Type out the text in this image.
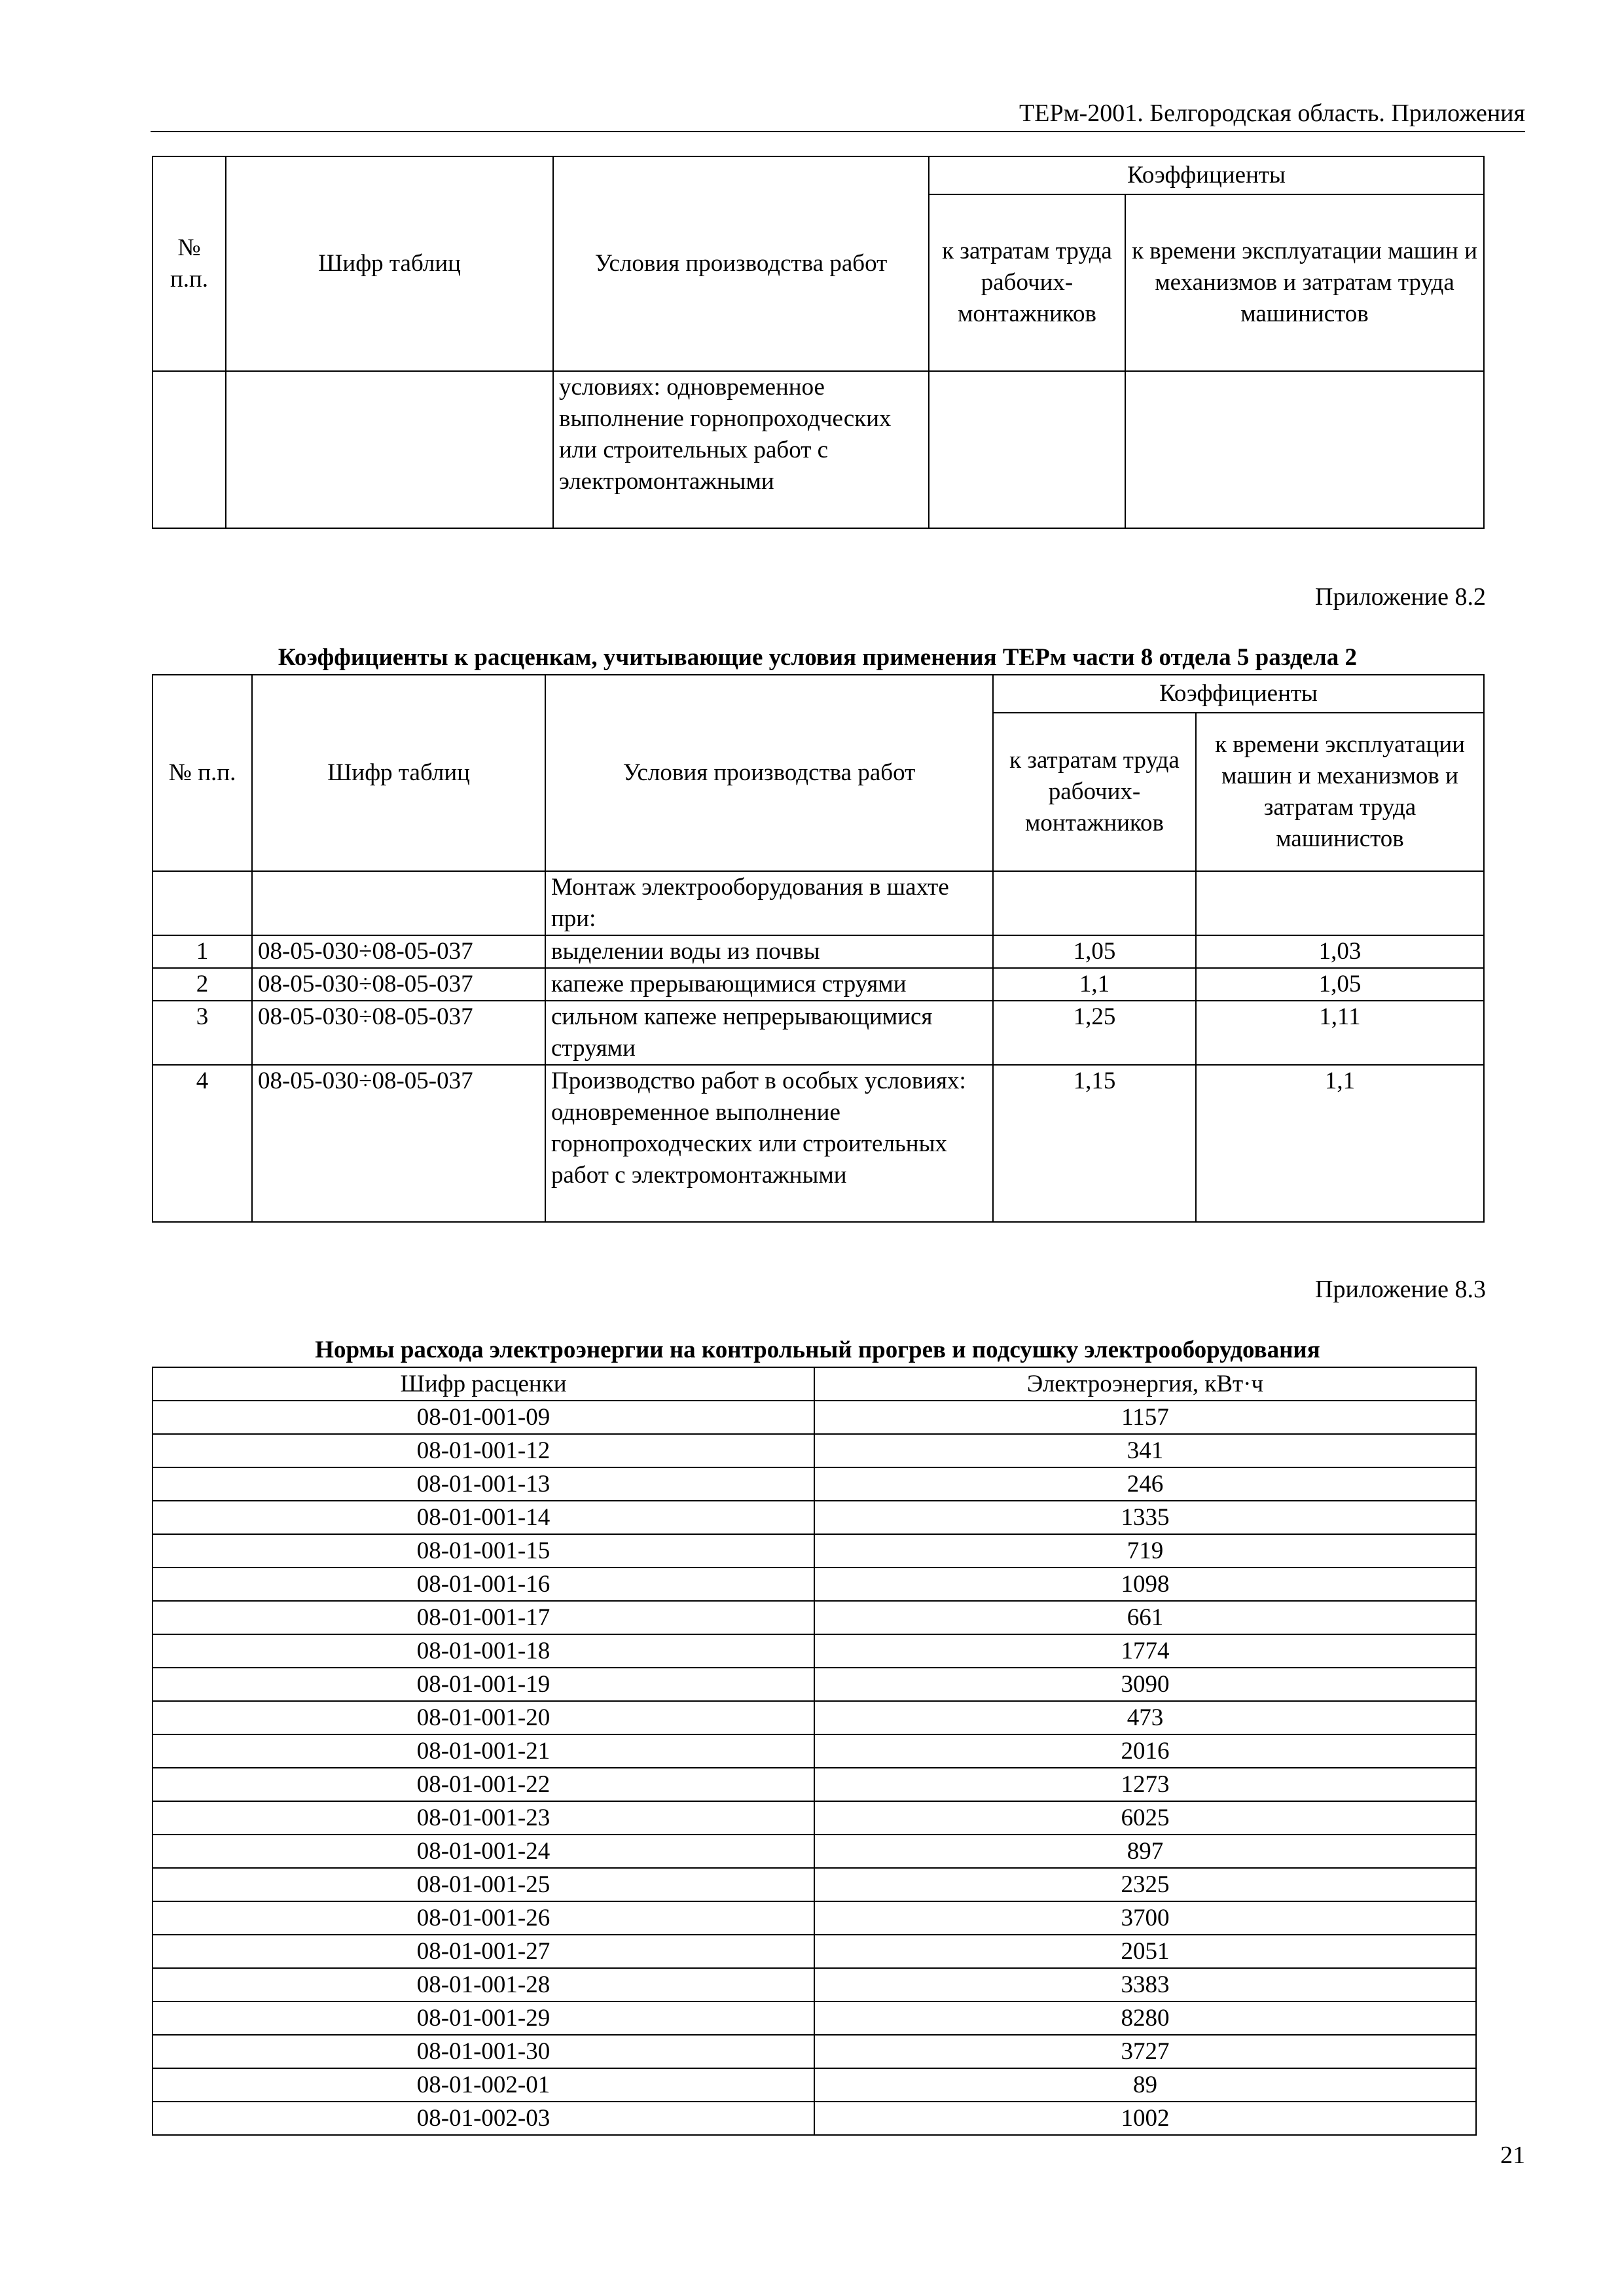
ТЕРм-2001. Белгородская область. Приложения
№ п.п.	Шифр таблиц	Условия производства работ	Коэффициенты	
			к затратам труда рабочих-монтажников	к времени эксплуатации машин и механизмов и затратам труда машинистов
		условиях: одновременное выполнение горнопроходческих или строительных работ с электромонтажными		
Приложение 8.2
Коэффициенты к расценкам, учитывающие условия применения ТЕРм части 8 отдела 5 раздела 2
№ п.п.	Шифр таблиц	Условия производства работ	Коэффициенты	
			к затратам труда рабочих-монтажников	к времени эксплуатации машин и механизмов и затратам труда машинистов
		Монтаж электрооборудования в шахте при:		
1	08-05-030÷08-05-037	выделении воды из почвы	1,05	1,03
2	08-05-030÷08-05-037	капеже прерывающимися струями	1,1	1,05
3	08-05-030÷08-05-037	сильном капеже непрерывающимися струями	1,25	1,11
4	08-05-030÷08-05-037	Производство работ в особых условиях: одновременное выполнение горнопроходческих или строительных работ с электромонтажными	1,15	1,1
Приложение 8.3
Нормы расхода электроэнергии на контрольный прогрев и подсушку электрооборудования
Шифр расценки	Электроэнергия, кВт·ч
08-01-001-09	1157
08-01-001-12	341
08-01-001-13	246
08-01-001-14	1335
08-01-001-15	719
08-01-001-16	1098
08-01-001-17	661
08-01-001-18	1774
08-01-001-19	3090
08-01-001-20	473
08-01-001-21	2016
08-01-001-22	1273
08-01-001-23	6025
08-01-001-24	897
08-01-001-25	2325
08-01-001-26	3700
08-01-001-27	2051
08-01-001-28	3383
08-01-001-29	8280
08-01-001-30	3727
08-01-002-01	89
08-01-002-03	1002
21
